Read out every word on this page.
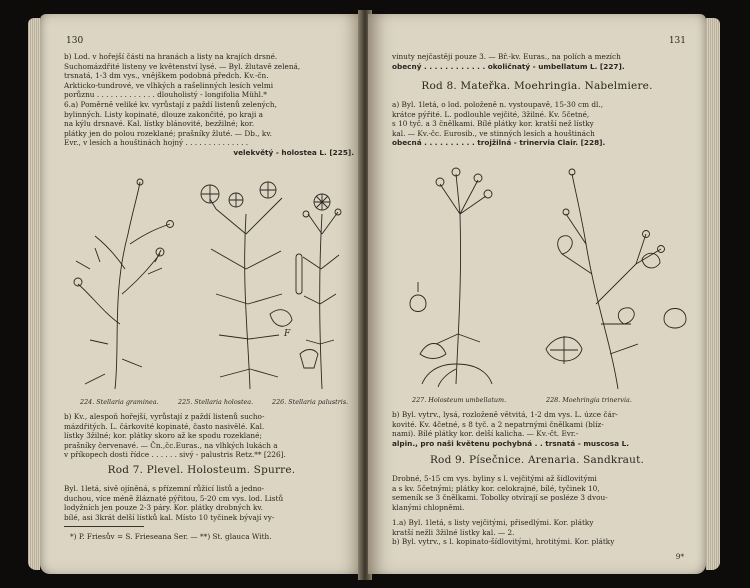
130

b) Lod. v hořejší části na hranách a listy na krajích drsné.

Suchomázdřité listeny ve květenství lysé. — Byl. žlutavě zelená,

trsnatá, 1-3 dm vys., vnějškem podobná předch. Kv.-čn.

Arkticko-tundrové, ve vlhkých a rašelinných lesích velmi

porůznu . . . . . . . . . . . . . dlouholistý - longifolia Mühl.*

6.a) Poměrně veliké kv. vyrůstají z paždí listenů zelených,

bylinných. Listy kopinaté, dlouze zakončité, po kraji a

na kýlu drsnavé. Kal. lístky blánovité, bezžilné; kor.

plátky jen do polou rozeklané; prašníky žluté. — Db., kv.

Evr., v lesích a houštinách hojný . . . . . . . . . . . . . .

velekvětý - holostea L. [225].

F
224. Stellaria graminea.	225. Stellaria holostea.	226. Stellaria palustris.

b) Kv., alespoň hořejší, vyrůstají z paždí listenů sucho-

mázdřitých. L. čárkovité kopinaté, často nasivělé. Kal.

lístky 3žilné; kor. plátky skoro až ke spodu rozeklané;

prašníky červenavé. — Čn.,čc.Euras., na vlhkých lukách a

v příkopech dosti řídce . . . . . . sivý - palustris Retz.** [226].

Rod 7. Plevel. Holosteum. Spurre.

Byl. 1letá, sivě ojíněná, s přízemní růžicí listů a jedno-

duchou, více méně žláznaté pýřitou, 5-20 cm vys. lod. Listů

lodyžních jen pouze 2-3 páry. Kor. plátky drobných kv.

bílé, asi 3krát delší lístků kal. Místo 10 tyčinek bývají vy-

*) P. Friesův = S. Frieseana Ser. — **) St. glauca With.
131

vinuty nejčastěji pouze 3. — Bř.-kv. Euras., na polích a mezích

obecný . . . . . . . . . . . . okoličnatý - umbellatum L. [227].

Rod 8. Mateřka. Moehringia. Nabelmiere.

a) Byl. 1letá, o lod. položeně n. vystoupavě, 15-30 cm dl.,

krátce pýřité. L. podlouhle vejčité, 3žilné. Kv. 5četné,

s 10 tyč. a 3 čnělkami. Bílé plátky kor. kratší než lístky

kal. — Kv.-čc. Eurosib., ve stinných lesích a houštinách

obecná . . . . . . . . . . trojžilná - trinervia Clair. [228].

227. Holosteum umbellatum.	228. Moehringia trinervia.

b) Byl. vytrv., lysá, rozloženě větvitá, 1-2 dm vys. L. úzce čár-

kovité. Kv. 4četné, s 8 tyč. a 2 nepatrnými čnělkami (blíz-

nami). Bílé plátky kor. delší kalicha. — Kv.-čt. Evr.-

alpin., pro naši květenu pochybná . . trsnatá - muscosa L.

Rod 9. Písečnice. Arenaria. Sandkraut.

Drobné, 5-15 cm vys. byliny s l. vejčitými až šídlovitými

a s kv. 5četnými; plátky kor. celokrajné, bílé, tyčinek 10,

semeník se 3 čnělkami. Tobolky otvírají se posléze 3 dvou-

klanými chlopněmi.

1.a) Byl. 1letá, s listy vejčitými, přisedlými. Kor. plátky

kratší nežli 3žilné lístky kal. — 2.

b) Byl. vytrv., s l. kopinato-šídlovitými, hrotitými. Kor. plátky

9*
